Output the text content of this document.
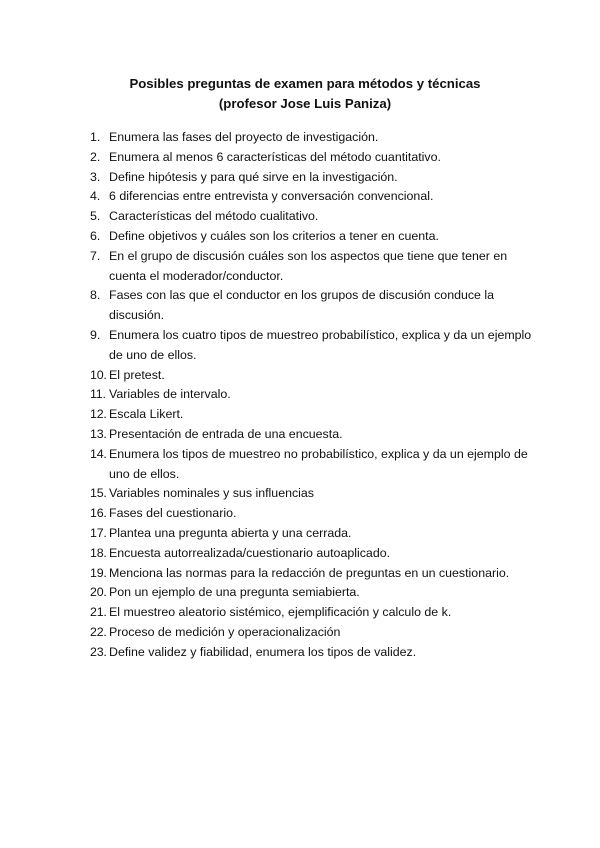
Posibles preguntas de examen para métodos y técnicas
(profesor Jose Luis Paniza)
1. Enumera las fases del proyecto de investigación.
2. Enumera al menos 6 características del método cuantitativo.
3. Define hipótesis y para qué sirve en la investigación.
4. 6 diferencias entre entrevista y conversación convencional.
5. Características del método cualitativo.
6. Define objetivos y cuáles son los criterios a tener en cuenta.
7. En el grupo de discusión cuáles son los aspectos que tiene que tener en cuenta el moderador/conductor.
8. Fases con las que el conductor en los grupos de discusión conduce la discusión.
9. Enumera los cuatro tipos de muestreo probabilístico, explica y da un ejemplo de uno de ellos.
10. El pretest.
11. Variables de intervalo.
12. Escala Likert.
13. Presentación de entrada de una encuesta.
14. Enumera los tipos de muestreo no probabilístico, explica y da un ejemplo de uno de ellos.
15. Variables nominales y sus influencias
16. Fases del cuestionario.
17. Plantea una pregunta abierta y una cerrada.
18. Encuesta autorrealizada/cuestionario autoaplicado.
19. Menciona las normas para la redacción de preguntas en un cuestionario.
20. Pon un ejemplo de una pregunta semiabierta.
21. El muestreo aleatorio sistémico, ejemplificación y calculo de k.
22. Proceso de medición y operacionalización
23. Define validez y fiabilidad, enumera los tipos de validez.
